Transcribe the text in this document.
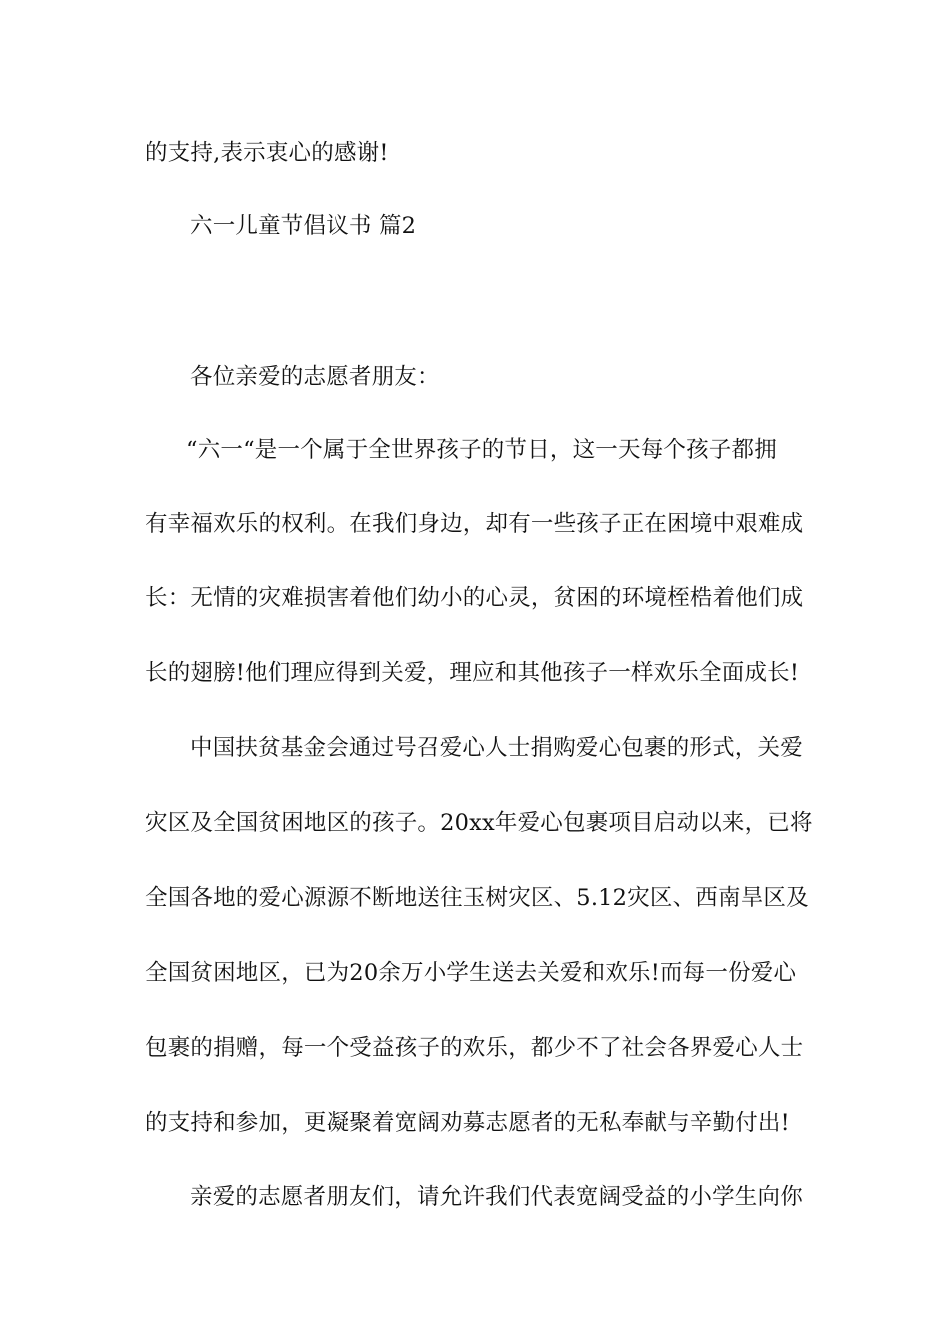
的支持,表示衷心的感谢!
六一儿童节倡议书 篇2
各位亲爱的志愿者朋友：
“六一“是一个属于全世界孩子的节日，这一天每个孩子都拥
有幸福欢乐的权利。在我们身边，却有一些孩子正在困境中艰难成
长：无情的灾难损害着他们幼小的心灵，贫困的环境桎梏着他们成
长的翅膀!他们理应得到关爱，理应和其他孩子一样欢乐全面成长!
中国扶贫基金会通过号召爱心人士捐购爱心包裹的形式，关爱
灾区及全国贫困地区的孩子。20xx年爱心包裹项目启动以来，已将
全国各地的爱心源源不断地送往玉树灾区、5.12灾区、西南旱区及
全国贫困地区，已为20余万小学生送去关爱和欢乐!而每一份爱心
包裹的捐赠，每一个受益孩子的欢乐，都少不了社会各界爱心人士
的支持和参加，更凝聚着宽阔劝募志愿者的无私奉献与辛勤付出!
亲爱的志愿者朋友们，请允许我们代表宽阔受益的小学生向你
